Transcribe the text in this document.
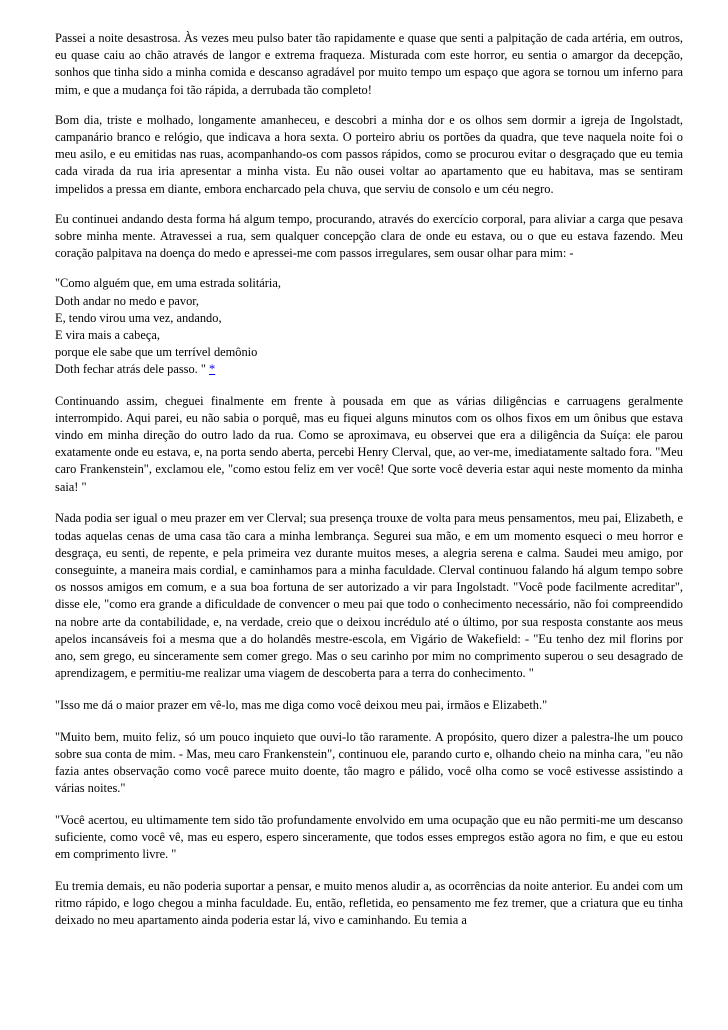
Passei a noite desastrosa. Às vezes meu pulso bater tão rapidamente e quase que senti a palpitação de cada artéria, em outros, eu quase caiu ao chão através de langor e extrema fraqueza. Misturada com este horror, eu sentia o amargor da decepção, sonhos que tinha sido a minha comida e descanso agradável por muito tempo um espaço que agora se tornou um inferno para mim, e que a mudança foi tão rápida, a derrubada tão completo!

Bom dia, triste e molhado, longamente amanheceu, e descobri a minha dor e os olhos sem dormir a igreja de Ingolstadt, campanário branco e relógio, que indicava a hora sexta. O porteiro abriu os portões da quadra, que teve naquela noite foi o meu asilo, e eu emitidas nas ruas, acompanhando-os com passos rápidos, como se procurou evitar o desgraçado que eu temia cada virada da rua iria apresentar a minha vista. Eu não ousei voltar ao apartamento que eu habitava, mas se sentiram impelidos a pressa em diante, embora encharcado pela chuva, que serviu de consolo e um céu negro.

Eu continuei andando desta forma há algum tempo, procurando, através do exercício corporal, para aliviar a carga que pesava sobre minha mente. Atravessei a rua, sem qualquer concepção clara de onde eu estava, ou o que eu estava fazendo. Meu coração palpitava na doença do medo e apressei-me com passos irregulares, sem ousar olhar para mim: -

"Como alguém que, em uma estrada solitária,
Doth andar no medo e pavor,
E, tendo virou uma vez, andando,
E vira mais a cabeça,
porque ele sabe que um terrível demônio
Doth fechar atrás dele passo. " *

Continuando assim, cheguei finalmente em frente à pousada em que as várias diligências e carruagens geralmente interrompido. Aqui parei, eu não sabia o porquê, mas eu fiquei alguns minutos com os olhos fixos em um ônibus que estava vindo em minha direção do outro lado da rua. Como se aproximava, eu observei que era a diligência da Suíça: ele parou exatamente onde eu estava, e, na porta sendo aberta, percebi Henry Clerval, que, ao ver-me, imediatamente saltado fora. "Meu caro Frankenstein", exclamou ele, "como estou feliz em ver você! Que sorte você deveria estar aqui neste momento da minha saia! "

Nada podia ser igual o meu prazer em ver Clerval; sua presença trouxe de volta para meus pensamentos, meu pai, Elizabeth, e todas aquelas cenas de uma casa tão cara a minha lembrança. Segurei sua mão, e em um momento esqueci o meu horror e desgraça, eu senti, de repente, e pela primeira vez durante muitos meses, a alegria serena e calma. Saudei meu amigo, por conseguinte, a maneira mais cordial, e caminhamos para a minha faculdade. Clerval continuou falando há algum tempo sobre os nossos amigos em comum, e a sua boa fortuna de ser autorizado a vir para Ingolstadt. "Você pode facilmente acreditar", disse ele, "como era grande a dificuldade de convencer o meu pai que todo o conhecimento necessário, não foi compreendido na nobre arte da contabilidade, e, na verdade, creio que o deixou incrédulo até o último, por sua resposta constante aos meus apelos incansáveis foi a mesma que a do holandês mestre-escola, em Vigário de Wakefield: - "Eu tenho dez mil florins por ano, sem grego, eu sinceramente sem comer grego. Mas o seu carinho por mim no comprimento superou o seu desagrado de aprendizagem, e permitiu-me realizar uma viagem de descoberta para a terra do conhecimento. "

"Isso me dá o maior prazer em vê-lo, mas me diga como você deixou meu pai, irmãos e Elizabeth."

"Muito bem, muito feliz, só um pouco inquieto que ouvi-lo tão raramente. A propósito, quero dizer a palestra-lhe um pouco sobre sua conta de mim. - Mas, meu caro Frankenstein", continuou ele, parando curto e, olhando cheio na minha cara, "eu não fazia antes observação como você parece muito doente, tão magro e pálido, você olha como se você estivesse assistindo a várias noites."

"Você acertou, eu ultimamente tem sido tão profundamente envolvido em uma ocupação que eu não permiti-me um descanso suficiente, como você vê, mas eu espero, espero sinceramente, que todos esses empregos estão agora no fim, e que eu estou em comprimento livre. "

Eu tremia demais, eu não poderia suportar a pensar, e muito menos aludir a, as ocorrências da noite anterior. Eu andei com um ritmo rápido, e logo chegou a minha faculdade. Eu, então, refletida, eo pensamento me fez tremer, que a criatura que eu tinha deixado no meu apartamento ainda poderia estar lá, vivo e caminhando. Eu temia a
